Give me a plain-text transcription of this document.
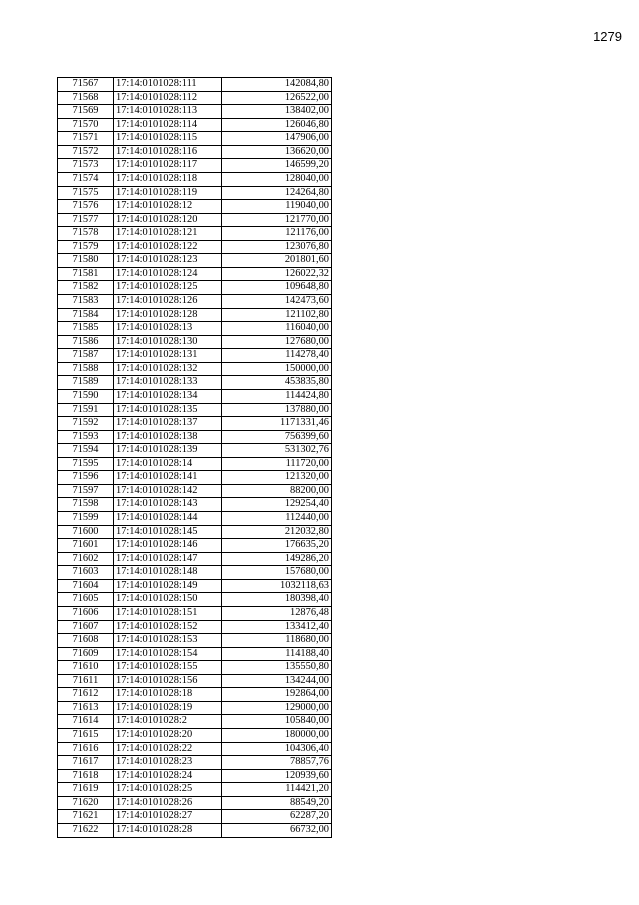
1279
71567	17:14:0101028:111	142084,80
71568	17:14:0101028:112	126522,00
71569	17:14:0101028:113	138402,00
71570	17:14:0101028:114	126046,80
71571	17:14:0101028:115	147906,00
71572	17:14:0101028:116	136620,00
71573	17:14:0101028:117	146599,20
71574	17:14:0101028:118	128040,00
71575	17:14:0101028:119	124264,80
71576	17:14:0101028:12	119040,00
71577	17:14:0101028:120	121770,00
71578	17:14:0101028:121	121176,00
71579	17:14:0101028:122	123076,80
71580	17:14:0101028:123	201801,60
71581	17:14:0101028:124	126022,32
71582	17:14:0101028:125	109648,80
71583	17:14:0101028:126	142473,60
71584	17:14:0101028:128	121102,80
71585	17:14:0101028:13	116040,00
71586	17:14:0101028:130	127680,00
71587	17:14:0101028:131	114278,40
71588	17:14:0101028:132	150000,00
71589	17:14:0101028:133	453835,80
71590	17:14:0101028:134	114424,80
71591	17:14:0101028:135	137880,00
71592	17:14:0101028:137	1171331,46
71593	17:14:0101028:138	756399,60
71594	17:14:0101028:139	531302,76
71595	17:14:0101028:14	111720,00
71596	17:14:0101028:141	121320,00
71597	17:14:0101028:142	88200,00
71598	17:14:0101028:143	129254,40
71599	17:14:0101028:144	112440,00
71600	17:14:0101028:145	212032,80
71601	17:14:0101028:146	176635,20
71602	17:14:0101028:147	149286,20
71603	17:14:0101028:148	157680,00
71604	17:14:0101028:149	1032118,63
71605	17:14:0101028:150	180398,40
71606	17:14:0101028:151	12876,48
71607	17:14:0101028:152	133412,40
71608	17:14:0101028:153	118680,00
71609	17:14:0101028:154	114188,40
71610	17:14:0101028:155	135550,80
71611	17:14:0101028:156	134244,00
71612	17:14:0101028:18	192864,00
71613	17:14:0101028:19	129000,00
71614	17:14:0101028:2	105840,00
71615	17:14:0101028:20	180000,00
71616	17:14:0101028:22	104306,40
71617	17:14:0101028:23	78857,76
71618	17:14:0101028:24	120939,60
71619	17:14:0101028:25	114421,20
71620	17:14:0101028:26	88549,20
71621	17:14:0101028:27	62287,20
71622	17:14:0101028:28	66732,00
